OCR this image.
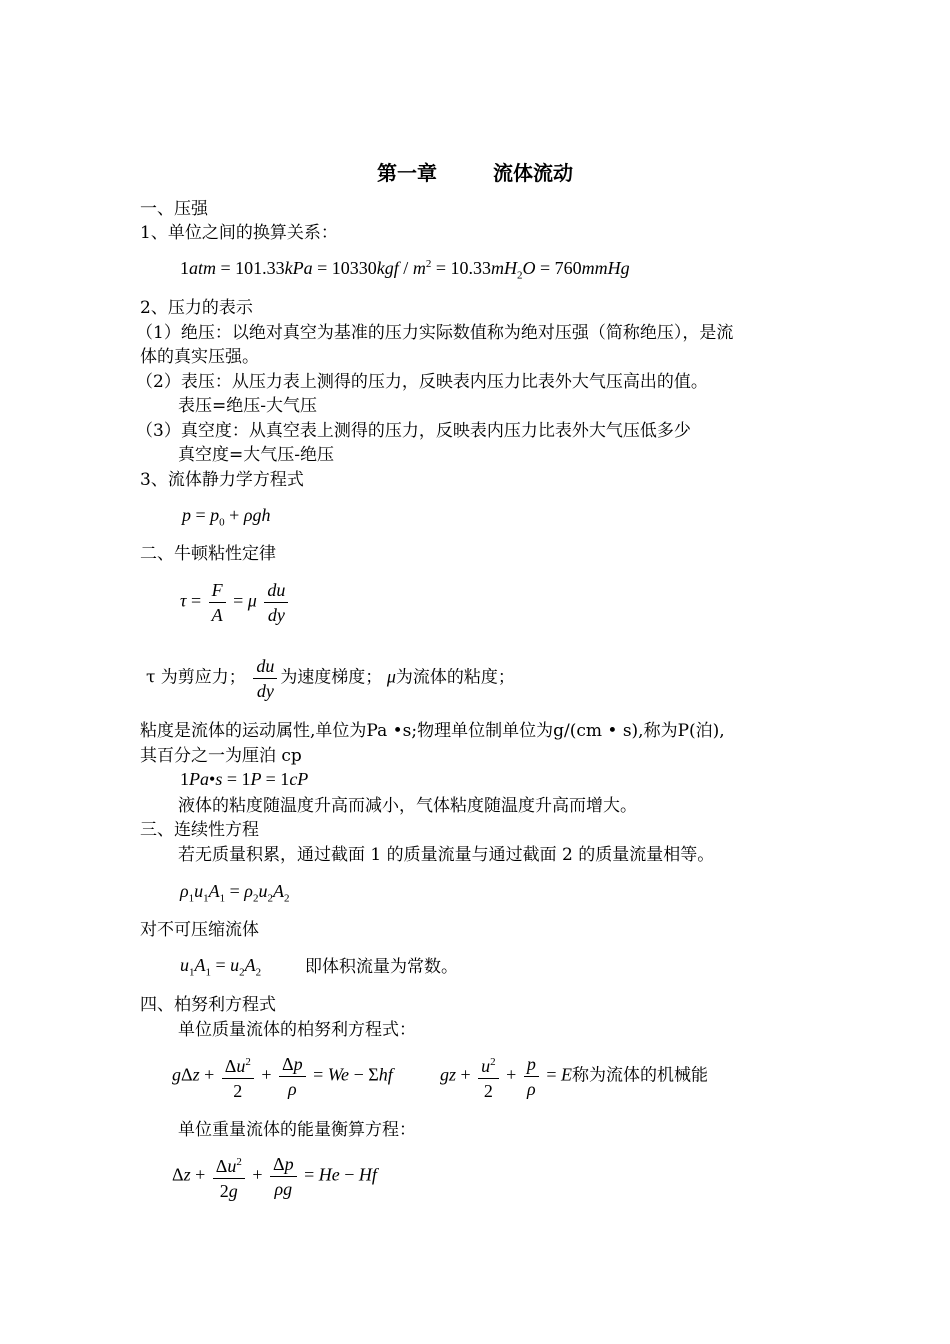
第一章	流体流动
一、压强
1、单位之间的换算关系：
$1atm = 101.33kPa = 10330kgf / m^2 = 10.33mH_2O$ = 760mmHg
2、压力的表示
（1）绝压：以绝对真空为基准的压力实际数值称为绝对压强（简称绝压），是流
体的真实压强。
（2）表压：从压力表上测得的压力，反映表内压力比表外大气压高出的值。
表压=绝压-大气压
（3）真空度：从真空表上测得的压力，反映表内压力比表外大气压低多少
真空度=大气压-绝压
3、流体静力学方程式
$p = p_0 + \rho gh$
二、牛顿粘性定律
$\tau = \frac{F}{A} = \mu \frac{du}{dy}$
τ 为剪应力； $\frac{du}{dy}$ 为速度梯度； μ为流体的粘度；
粘度是流体的运动属性,单位为Pa •s;物理单位制单位为g/(cm • s),称为P(泊),
其百分之一为厘泊 cp
1Pa•s = 1P = 1cP
液体的粘度随温度升高而减小，气体粘度随温度升高而增大。
三、连续性方程
若无质量积累，通过截面 1 的质量流量与通过截面 2 的质量流量相等。
$\rho_1u_1A_1 = \rho_2u_2A_2$
对不可压缩流体
$u_1A_1 = u_2A_2$	即体积流量为常数。
四、柏努利方程式
单位质量流体的柏努利方程式：
$g\Delta z + \frac{\Delta u^2}{2} + \frac{\Delta p}{\rho} = We - \Sigma hf$	gz + $\frac{u^2}{2} + \frac{p}{\rho} = E$称为流体的机械能
单位重量流体的能量衡算方程：
$\Delta z + \frac{\Delta u^2}{2g} + \frac{\Delta p}{\rho g} = He - Hf$
